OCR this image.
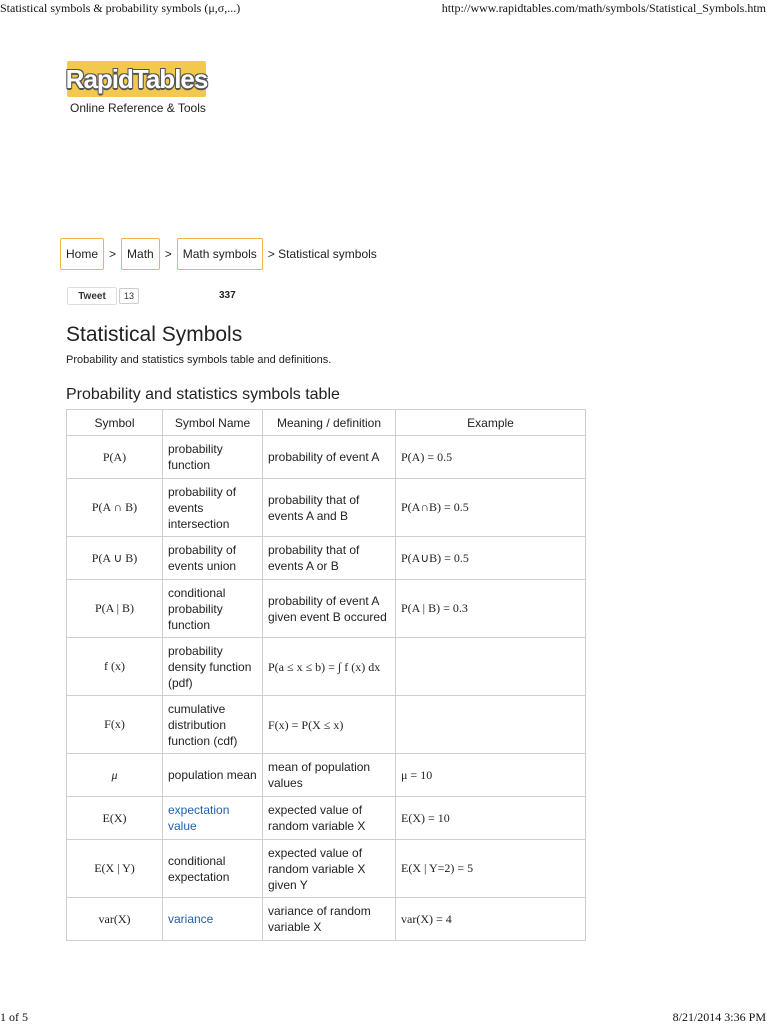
Statistical symbols & probability symbols (μ,σ,...)	http://www.rapidtables.com/math/symbols/Statistical_Symbols.htm
RapidTables
Online Reference & Tools
Home > Math > Math symbols > Statistical symbols
Tweet	13	337
Statistical Symbols
Probability and statistics symbols table and definitions.
Probability and statistics symbols table
Symbol	Symbol Name	Meaning / definition	Example
P(A)	probability function	probability of event A	P(A) = 0.5
P(A ∩ B)	probability of events intersection	probability that of events A and B	P(A∩B) = 0.5
P(A ∪ B)	probability of events union	probability that of events A or B	P(A∪B) = 0.5
P(A | B)	conditional probability function	probability of event A given event B occured	P(A | B) = 0.3
f (x)	probability density function (pdf)	P(a ≤ x ≤ b) = ∫ f (x) dx	
F(x)	cumulative distribution function (cdf)	F(x) = P(X ≤ x)	
μ	population mean	mean of population values	μ = 10
E(X)	expectation value	expected value of random variable X	E(X) = 10
E(X | Y)	conditional expectation	expected value of random variable X given Y	E(X | Y=2) = 5
var(X)	variance	variance of random variable X	var(X) = 4
1 of 5	8/21/2014 3:36 PM
